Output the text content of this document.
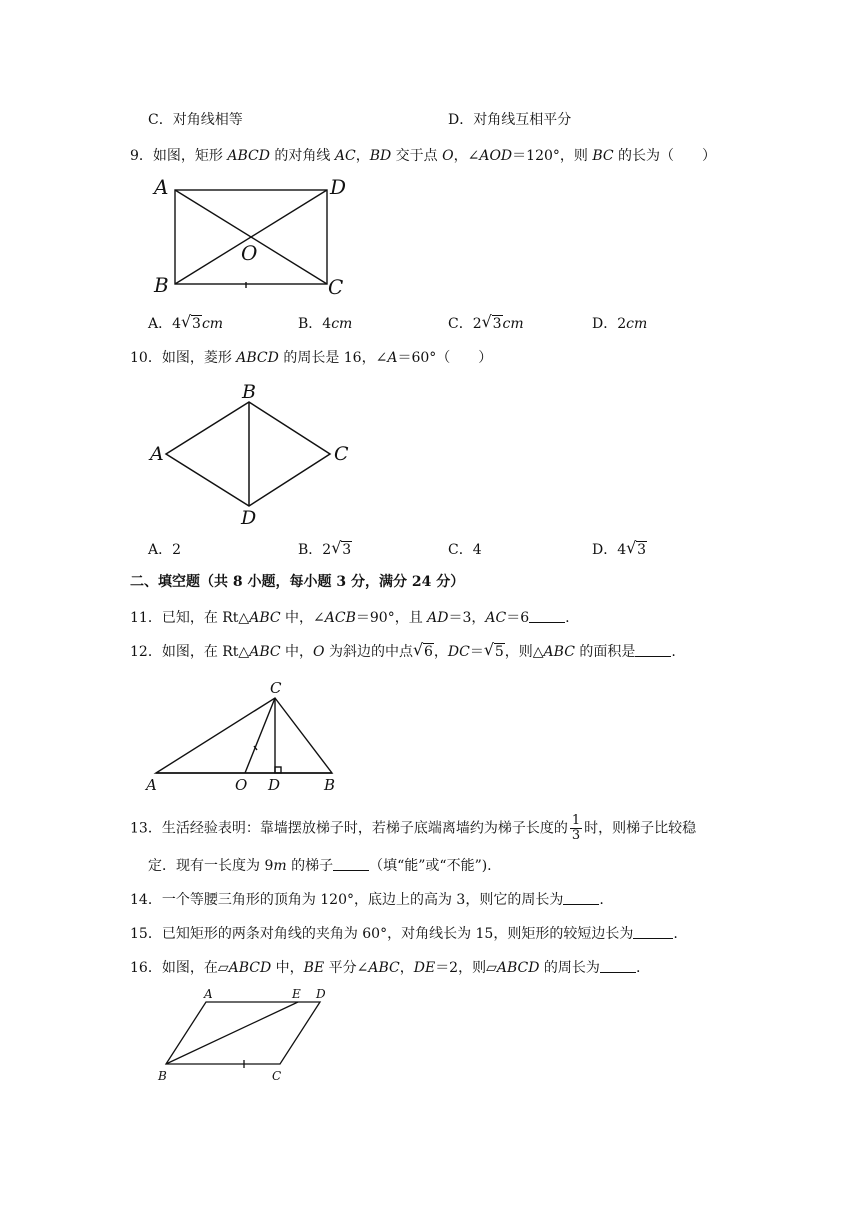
C．对角线相等	D．对角线互相平分
9．如图，矩形 ABCD 的对角线 AC，BD 交于点 O，∠AOD＝120°，则 BC 的长为（　　）
A	D
B	C
O
A．4 √ 3cm	B．4cm	C．2 √ 3cm	D．2cm
10．如图，菱形 ABCD 的周长是 16，∠A＝60°（　　）
B
A	C
D
A．2	B．2 √ 3	C．4	D．4 √ 3
二、填空题（共 8 小题，每小题 3 分，满分 24 分）
11．已知，在 Rt△ABC 中，∠ACB＝90°，且 AD＝3，AC＝6	.
12．如图，在 Rt△ABC 中，O 为斜边的中点 √ 6，DC＝ √ 5，则△ABC 的面积是	.
C
A	O D	B
13．生活经验表明：靠墙摆放梯子时，若梯子底端离墙约为梯子长度的 $\frac{1}{3}$ 时，则梯子比较稳
定．现有一长度为 9m 的梯子	（填“能”或“不能”).
14．一个等腰三角形的顶角为 120°，底边上的高为 3，则它的周长为	.
15．已知矩形的两条对角线的夹角为 60°，对角线长为 15，则矩形的较短边长为	.
16．如图，在▱ABCD 中，BE 平分∠ABC，DE＝2，则▱ABCD 的周长为	.
A	E D
B	C
